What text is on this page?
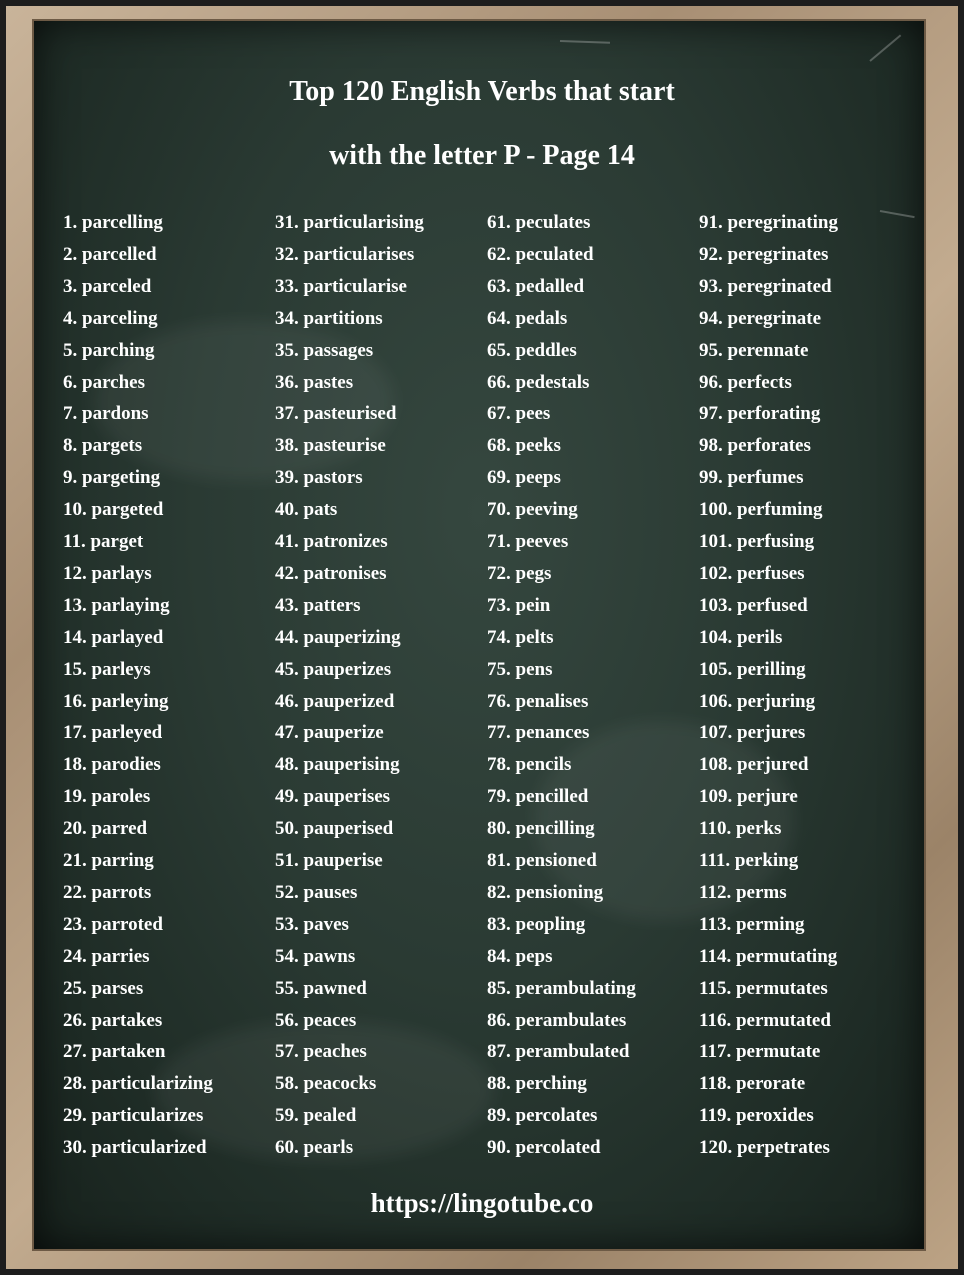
Top 120 English Verbs that start
with the letter P - Page 14
1. parcelling
2. parcelled
3. parceled
4. parceling
5. parching
6. parches
7. pardons
8. pargets
9. pargeting
10. pargeted
11. parget
12. parlays
13. parlaying
14. parlayed
15. parleys
16. parleying
17. parleyed
18. parodies
19. paroles
20. parred
21. parring
22. parrots
23. parroted
24. parries
25. parses
26. partakes
27. partaken
28. particularizing
29. particularizes
30. particularized
31. particularising
32. particularises
33. particularise
34. partitions
35. passages
36. pastes
37. pasteurised
38. pasteurise
39. pastors
40. pats
41. patronizes
42. patronises
43. patters
44. pauperizing
45. pauperizes
46. pauperized
47. pauperize
48. pauperising
49. pauperises
50. pauperised
51. pauperise
52. pauses
53. paves
54. pawns
55. pawned
56. peaces
57. peaches
58. peacocks
59. pealed
60. pearls
61. peculates
62. peculated
63. pedalled
64. pedals
65. peddles
66. pedestals
67. pees
68. peeks
69. peeps
70. peeving
71. peeves
72. pegs
73. pein
74. pelts
75. pens
76. penalises
77. penances
78. pencils
79. pencilled
80. pencilling
81. pensioned
82. pensioning
83. peopling
84. peps
85. perambulating
86. perambulates
87. perambulated
88. perching
89. percolates
90. percolated
91. peregrinating
92. peregrinates
93. peregrinated
94. peregrinate
95. perennate
96. perfects
97. perforating
98. perforates
99. perfumes
100. perfuming
101. perfusing
102. perfuses
103. perfused
104. perils
105. perilling
106. perjuring
107. perjures
108. perjured
109. perjure
110. perks
111. perking
112. perms
113. perming
114. permutating
115. permutates
116. permutated
117. permutate
118. perorate
119. peroxides
120. perpetrates
https://lingotube.co
